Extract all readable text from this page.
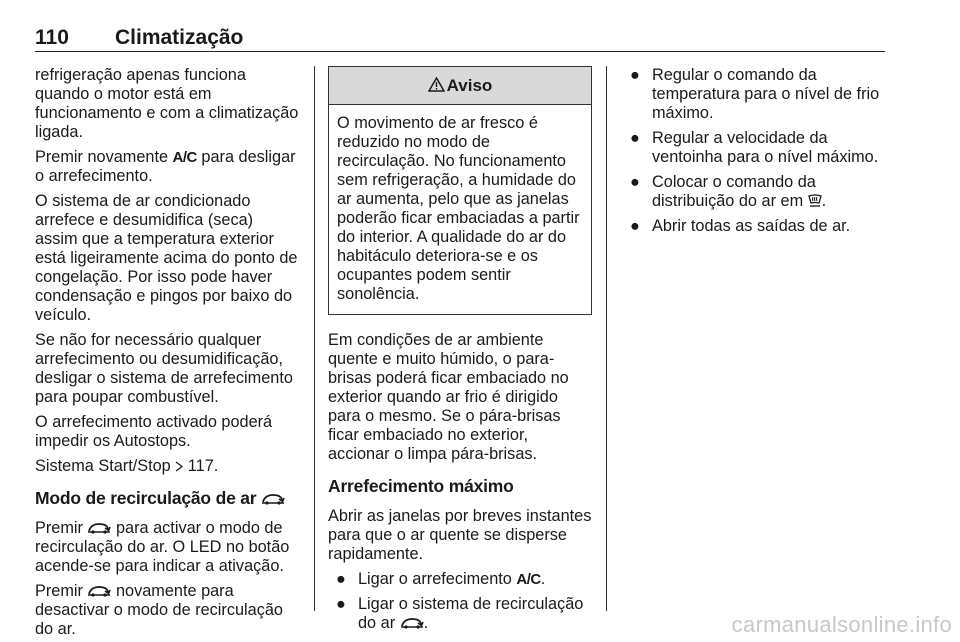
110 Climatização

refrigeração apenas funciona quando o motor está em funcionamento e com a climatização ligada.

Premir novamente A/C para desligar o arrefecimento.

O sistema de ar condicionado arrefece e desumidifica (seca) assim que a temperatura exterior está ligeiramente acima do ponto de congelação. Por isso pode haver condensação e pingos por baixo do veículo.

Se não for necessário qualquer arrefecimento ou desumidificação, desligar o sistema de arrefecimento para poupar combustível.

O arrefecimento activado poderá impedir os Autostops.

Sistema Start/Stop  117.

Modo de recirculação de ar

Premir
para activar o modo de recirculação do ar. O LED no botão acende-se para indicar a ativação.

Premir
novamente para desactivar o modo de recirculação do ar.

Aviso
O movimento de ar fresco é reduzido no modo de recirculação. No funcionamento sem refrigeração, a humidade do ar aumenta, pelo que as janelas poderão ficar embaciadas a partir do interior. A qualidade do ar do habitáculo deteriora-se e os ocupantes podem sentir sonolência.

Em condições de ar ambiente quente e muito húmido, o para-brisas poderá ficar embaciado no exterior quando ar frio é dirigido para o mesmo. Se o pára-brisas ficar embaciado no exterior, accionar o limpa pára-brisas.

Arrefecimento máximo

Abrir as janelas por breves instantes para que o ar quente se disperse rapidamente.

● Ligar o arrefecimento A/C.
● Ligar o sistema de recirculação do ar
.
● Regular o comando da temperatura para o nível de frio máximo.
● Regular a velocidade da ventoinha para o nível máximo.
● Colocar o comando da distribuição do ar em .
● Abrir todas as saídas de ar.
carmanualsonline.info
